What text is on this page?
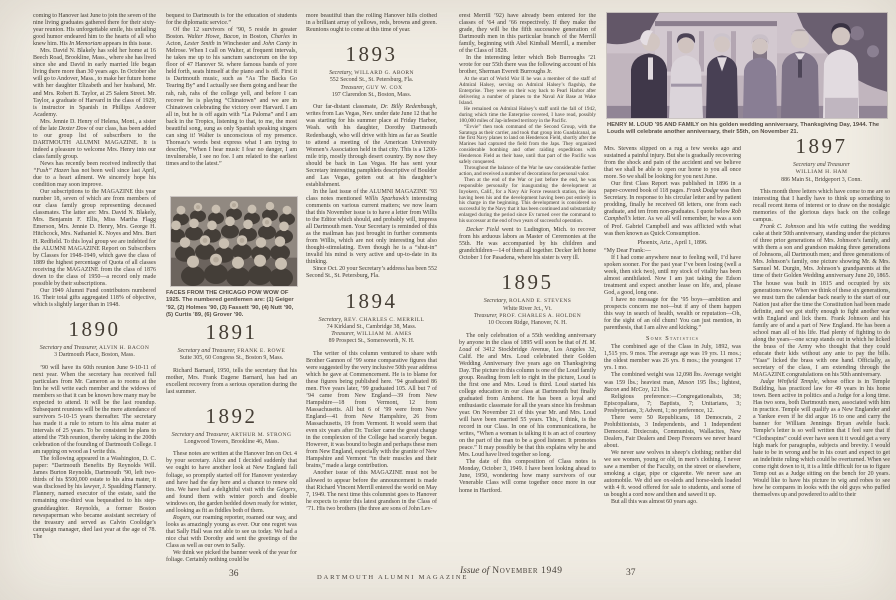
coming to Hanover last June to join the seven of the nine living graduates gathered there for their sixty-year reunion. His unforgettable smile, his unfailing good humor endeared him to the hearts of all who knew him. His In Memoriam appears in this issue.

Mrs. David N. Blakely has sold her home at 16 Beech Road, Brookline, Mass., where she has lived since she and David in early married life began living there more than 30 years ago. In October she will go to Andover, Mass., to make her future home with her daughter Elizabeth and her husband, Mr. and Mrs. Robert B. Taylor, at 25 Salem Street. Mr. Taylor, a graduate of Harvard in the class of 1929, is instructor in Spanish in Phillips Andover Academy.

Mrs. Jennie D. Henry of Helena, Mont., a sister of the late Dexter Dow of our class, has been added to our group list of subscribers to the DARTMOUTH ALUMNI MAGAZINE. It is indeed a pleasure to welcome Mrs. Henry into our class family group.

News has recently been received indirectly that “Fush” Hazen has not been well since last April, due to a heart ailment. We sincerely hope his condition may soon improve.

Our subscriptions to the MAGAZINE this year number 18, seven of which are from members of our class family group representing deceased classmates. The latter are: Mrs. David N. Blakely, Mrs. Benjamin F. Ellis, Miss Martha Flagg Emerson, Mrs. Jennie D. Henry, Mrs. George H. Hitchcock, Mrs. Nathaniel K. Noyes and Mrs. Burt H. Redfield. To this loyal group we are indebted for the ALUMNI MAGAZINE Report on Subscribers by Classes for 1948-1949, which gave the class of 1889 the highest percentage of Quota of all classes receiving the MAGAZINE from the class of 1876 down to the class of 1950—a record only made possible by their subscriptions.

Our 1949 Alumni Fund contributors numbered 16. Their total gifts aggregated 118% of objective, which is slightly larger than in 1948.

1890
Secretary and Treasurer, ALVIN H. BACON
3 Dartmouth Place, Boston, Mass.

’90 will have its 60th reunion June 9-10-11 of next year. When the secretary has received full particulars from Mr. Cameron as to rooms at the Inn he will write each member and the widows of members so that it can be known how many may be expected to attend. It will be the last roundup. Subsequent reunions will be the mere attendance of survivors 5-10-15 years thereafter. The secretary has made it a rule to return to his alma mater at intervals of 25 years. To be consistent he plans to attend the 75th reunion, thereby taking in the 200th celebration of the founding of Dartmouth College. I am rapping on wood as I write this.

The following appeared in a Washington, D. C. paper: “Dartmouth Benefits By Reynolds Will. James Burton Reynolds, Dartmouth ’90, left two-thirds of his $500,000 estate to his alma mater, it was disclosed by his lawyer, J. Spaulding Flannery. Flannery, named executor of the estate, said the remaining one-third was bequeathed to his step-granddaughter. Reynolds, a former Boston newspaperman who became assistant secretary of the treasury and served as Calvin Coolidge’s campaign manager, died last year at the age of 78. The

bequest to Dartmouth is for the education of students for the diplomatic service.”

Of the 12 survivors of ’90, 5 reside in greater Boston. Walter Howe, Bacon, in Boston, Charles in Acton, Lester Smith in Winchester and John Canty in Melrose. When I call on Walter, at frequent intervals, he takes me up to his sanctum sanctorum on the top floor of 47 Hanover St. where famous bands of yore held forth, seats himself at the piano and is off. First it is Dartmouth music, such as “As The Backs Go Tearing By” and I actually see them going and hear the rah, rah, rahs of the college yell, and before I can recover he is playing “Chinatown” and we are in Chinatown celebrating the victory over Harvard. I am all in, but he is off again with “La Paloma” and I am back in the Tropics, listening to that, to me, the most beautiful song, sung as only Spanish speaking singers can sing it! Walter is unconscious of my presence. Thoreau’s words best express what I am trying to describe, “When I hear music I fear no danger, I am invulnerable, I see no foe. I am related to the earliest times and to the latest.”

FACES FROM THE CHICAGO POW WOW OF 1925. The numbered gentlemen are: (1) Geiger ’92, (2) Holmes ’90, (3) Fassett ’90, (4) Nutt ’90, (5) Curtis ’89, (6) Grover ’90.
1891
Secretary and Treasurer, FRANK E. ROWE
Suite 305, 60 Congress St., Boston 9, Mass.

Richard Barnard, 1950, tells the secretary that his mother, Mrs. Frank Eugene Barnard, has had an excellent recovery from a serious operation during the last summer.

1892
Secretary and Treasurer, ARTHUR M. STRONG
Longwood Towers, Brookline 46, Mass.

These notes are written at the Hanover Inn on Oct. 4 by your secretary. Alice and I decided suddenly that we ought to have another look at New England fall foliage, so promptly started off for Hanover yesterday and have had the day here and a chance to renew old ties. We have had a delightful visit with the Geigers, and found them with winter porch and double windows on, the garden bedded down ready for winter, and looking as fit as fiddles both of them.

Rogers, our roaming reporter, roamed our way, and looks as amazingly young as ever. Our one regret was that Sally Hall was not able to see us today. We had a nice chat with Dorothy and sent the greetings of the Class as well as our own to Sally.

We think we picked the banner week of the year for foliage. Certainly nothing could be

more beautiful than the rolling Hanover hills clothed in a brilliant array of yellows, reds, browns and green. Reunions ought to come at this time of year.

1893
Secretary, WILLARD G. ABORN
552 Second St., St. Petersburg, Fla.
Treasurer, GUY W. COX
197 Clarendon St., Boston, Mass.

Our far-distant classmate, Dr. Billy Redenbaugh, writes from Las Vegas, Nev. under date June 12 that he was starting for his summer place at Friday Harbor, Wash. with his daughter, Dorothy Dartmouth Redenbaugh, who will drive with him as far as Seattle to attend a meeting of the American University Women’s Association held in that city. This is a 1200-mile trip, mostly through desert country. By now they should be back in Las Vegas. He has sent your Secretary interesting pamphlets descriptive of Boulder and Las Vegas, gotten out at his daughter’s establishment.

In the last issue of the ALUMNI MAGAZINE ’93 class notes mentioned Willis Sparhawk’s interesting comments on various current matters; we now learn that this November issue is to have a letter from Willis to the Editor which should, and probably will, impress all Dartmouth men. Your Secretary is reminded of this as the mailman has just brought in further comments from Willis, which are not only interesting but also thought-stimulating. Even though he is a “shut-in” invalid his mind is very active and up-to-date in its thinking.

Since Oct. 20 your Secretary’s address has been 552 Second St., St. Petersburg, Fla.

1894
Secretary, REV. CHARLES C. MERRILL
74 Kirkland St., Cambridge 38, Mass.
Treasurer, WILLIAM M. AMES
89 Prospect St., Somersworth, N. H.

The writer of this column ventured to share with Brother Gannon of ’99 some comparative figures that were suggested by the very inclusive 50th year address which he gave at Commencement. He is to blame for these figures being published here. ’94 graduated 86 men. Five years later, ’99 graduated 105. All but 7 of ’94 came from New England—39 from New Hampshire—18 from Vermont, 12 from Massachusetts. All but 6 of ’99 were from New England—41 from New Hampshire, 26 from Massachusetts, 19 from Vermont. It would seem that even six years after Dr. Tucker came the great change in the complexion of the College had scarcely begun. However, it was bound to begin and perhaps these men from New England, especially with the granite of New Hampshire and Vermont “in their muscles and their brains,” made a large contribution.

Another issue of this MAGAZINE must not be allowed to appear before the announcement is made that Richard Vincent Merrill entered the world on May 7, 1949. The next time this columnist goes to Hanover he expects to enter this latest grandson in the Class of ’71. His two brothers (the three are sons of John Lev-

erest Merrill ’92) have already been entered for the classes of ’64 and ’66 respectively. If they make the grade, they will be the fifth successive generation of Dartmouth men in this particular branch of the Merrill family, beginning with Abel Kimball Merrill, a member of the Class of 1828.

In the interesting letter which Bob Burroughs ’21 wrote for our 55th there was the following account of his brother, Sherman Everett Burroughs Jr.

At the start of World War II he was a member of the staff of Admiral Halsey, serving on Admiral Halsey’s flagship, the Enterprise. They were on their way back to Pearl Harbor after delivering a number of planes to the Naval Air Base at Wake Island.

He remained on Admiral Halsey’s staff until the fall of 1942, during which time the Enterprise covered, I have read, possibly 100,000 miles of Jap-infested territory in the Pacific.

“Evvie” then took command of the Second Group, with the Saratoga as their carrier, and took that group into Guadalcanal, as the first Navy planes to land on Henderson Field, shortly after the Marines had captured the field from the Japs. They organized considerable bombing and other raiding expeditions with Henderson Field as their base, until that part of the Pacific was safely conquered.

Throughout the balance of the War he saw considerable further action, and received a number of decorations for personal valor.

Then at the end of the War or just before the end, he was responsible personally for inaugurating the development at Inyokern, Calif., for a Navy Air Force research station, the idea having been his and the development having been put entirely in his charge in the beginning. This development is considered so successful by the Navy that it has been continued and substantially enlarged during the period since Ev turned over the command to his successor at the end of two years of successful operation.

Decker Field went to Ludington, Mich. to recover from his arduous labors as Master of Ceremonies at the 55th. He was accompanied by his children and grandchildren—14 of them all together. Decker left home October 1 for Pasadena, where his sister is very ill.

1895
Secretary, ROLAND E. STEVENS
White River Jct., Vt.
Treasurer, PROF. CHARLES A. HOLDEN
10 Occom Ridge, Hanover, N. H.

The only celebration of a 55th wedding anniversary by anyone in the class of 1895 will soon be that of H. M. Loud of 3412 Stockbridge Avenue, Los Angeles 32, Calif. He and Mrs. Loud celebrated their Golden Wedding Anniversary five years ago on Thanksgiving Day. The picture in this column is one of the Loud family group. Reading from left to right in the picture, Loud is the first one and Mrs. Loud is third. Loud started his college education in our class at Dartmouth but finally graduated from Amherst. He has been a loyal and enthusiastic classmate for all the years since his freshman year. On November 21 of this year Mr. and Mrs. Loud will have been married 55 years. This, I think, is the record in our Class. In one of his communications, he writes, “When a woman is talking it is an act of courtesy on the part of the man to be a good listener. It promotes peace.” It may possibly be that this explains why he and Mrs. Loud have lived together so long.

The date of this composition of Class notes is Monday, October 3, 1949. I have been looking ahead to June, 1950, wondering how many survivors of our Venerable Class will come together once more in our home in Hartford.

HENRY M. LOUD ’95 AND FAMILY on his golden wedding anniversary, Thanksgiving Day, 1944. The Louds will celebrate another anniversary, their 55th, on November 21.

Mrs. Stevens slipped on a rug a few weeks ago and sustained a painful injury. But she is gradually recovering from the shock and pain of the accident and we believe that we shall be able to open our home to you all once more. So we shall be looking for you next June.

Our first Class Report was published in 1896 in a paper-covered book of 118 pages. Frank Dodge was then Secretary. In response to his circular letter and by patient prodding, finally he received 68 letters, one from each graduate, and ten from non-graduates. I quote below Rob Campbell’s letter. As we all will remember, he was a son of Prof. Gabriel Campbell and was afflicted with what was then known as Quick Consumption.

Phoenix, Ariz., April 1, 1896.

“My Dear Frank:—

If I had come anywhere near to feeling well, I’d have spoken sooner. For the past year I’ve been losing (well a week, then sick two), until my stock of vitality has been almost annihilated. Now I am just taking the Edson treatment and expect another lease on life, and, please God, a good, long one.

I have no message for the ’95 boys—ambition and prospects concern me not—but if any of them happen this way in search of health, wealth or reputation—Oh, for the sight of an old chum! You can just mention, in parenthesis, that I am alive and kicking.”

Some Statistics

The combined age of the Class in July, 1892, was 1,515 yrs. 9 mos. The average age was 19 yrs. 11 mos.; the oldest member was 26 yrs. 8 mos.; the youngest 17 yrs. 1 mo.

The combined weight was 12,098 lbs. Average weight was 159 lbs.; heaviest man, Mason 195 lbs.; lightest, Bacon and McCoy, 121 lbs.

Religious preference:—Congregationalists, 38; Episcopalians, 7; Baptists, 7; Unitarians, 3; Presbyterians, 3; Advent, 1; no preference, 12.

There were 50 Republicans, 18 Democrats, 2 Prohibitionists, 3 Independents, and 1 Independent Democrat. Dixiecrats, Communists, Wallacites, New Dealers, Fair Dealers and Deep Freezers we never heard about.

We never saw wolves in sheep’s clothing; neither did we see women, young or old, in men’s clothing. I never saw a member of the Faculty, on the street or elsewhere, smoking a cigar, pipe or cigarette. We never saw an automobile. We did see ox-sleds and horse-sleds loaded with 4 ft. wood offered for sale to students, and some of us bought a cord now and then and sawed it up.

But all this was almost 60 years ago.

1897
Secretary and Treasurer
WILLIAM H. HAM
886 Main St., Bridgeport 3, Conn.

This month three letters which have come to me are so interesting that I hardly have to think up something to recall recent items of interest or to draw on the nostalgic memories of the glorious days back on the college campus.

Frank C. Johnson and his wife cutting the wedding cake at their 50th anniversary, standing under the pictures of three prior generations of Mrs. Johnson’s family, and with them a son and grandson making three generations of Johnsons, all Dartmouth men; and three generations of Mrs. Johnson’s family, one picture showing Mr. & Mrs. Samuel M. Durgin, Mrs. Johnson’s grandparents at the time of their Golden Wedding anniversary June 20, 1865. The house was built in 1815 and occupied by six generations now. When we think of these six generations, we must turn the calendar back nearly to the start of our Nation just after the time the Constitution had been made definite, and we got stuffy enough to fight another war with England and lick them. Frank Johnson and his family are of and a part of New England. He has been a school man all of his life. Had plenty of fighting to do along the years—one scrap stands out in which he licked the brass of the Army who thought that they could educate their kids without any ante to pay the bills. “Yaas” licked the brass with one hand. Officially, as secretary of the class, I am extending through the MAGAZINE congratulations on his 50th anniversary.

Judge Winfield Temple, whose office is in Temple Building, has practiced law for 49 years in his home town. Been active in politics and a Judge for a long time. Has two sons, both Dartmouth men, associated with him in practice. Temple will qualify as a New Englander and a Yankee even if he did argue 16 to one and carry the banner for William Jennings Bryan awhile back. Temple’s letter is so well written that I feel sure that if “Clothespins” could ever have seen it it would get a very high mark for paragraphs, subjects and brevity. I would hate to be in wrong and be in his court and expect to get an indefinite ruling which could be overturned. When we come right down to it, it is a little difficult for us to figure Temp out as a Judge sitting on the bench for 20 years. Would like to have his picture in wig and robes to see how he compares in looks with the old guys who puffed themselves up and powdered to add to their

36	DARTMOUTH ALUMNI MAGAZINE
Issue of November 1949	37
